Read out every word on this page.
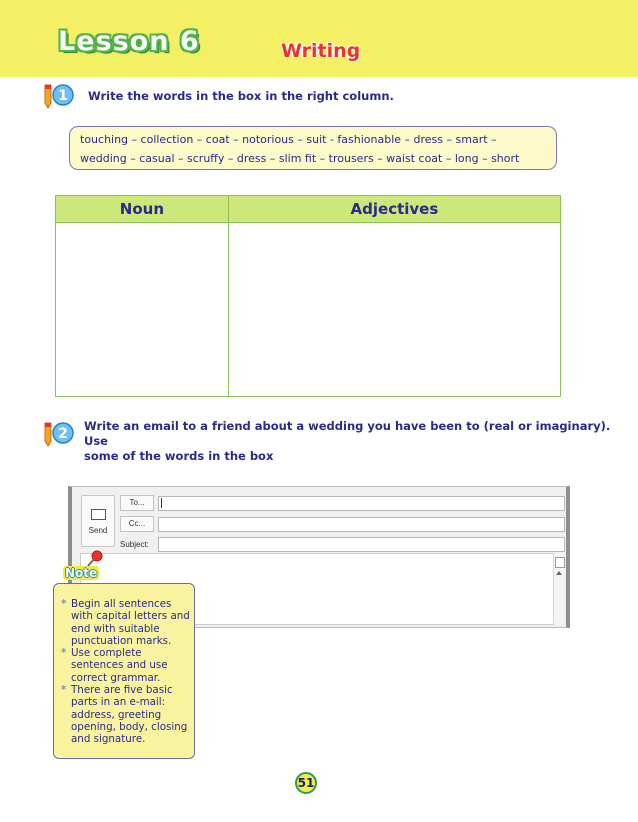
Lesson 6	Writing
1 Write the words in the box in the right column.
touching – collection – coat – notorious – suit - fashionable – dress – smart –
wedding – casual – scruffy – dress – slim fit – trousers – waist coat – long – short
Noun	Adjectives

2 Write an email to a friend about a wedding you have been to (real or imaginary). Use
some of the words in the box
Send
To...
Cc...
Subject:
* Begin all sentences with capital letters and end with suitable punctuation marks.
* Use complete sentences and use correct grammar.
* There are five basic parts in an e-mail: address, greeting opening, body, closing and signature.
Note
51
